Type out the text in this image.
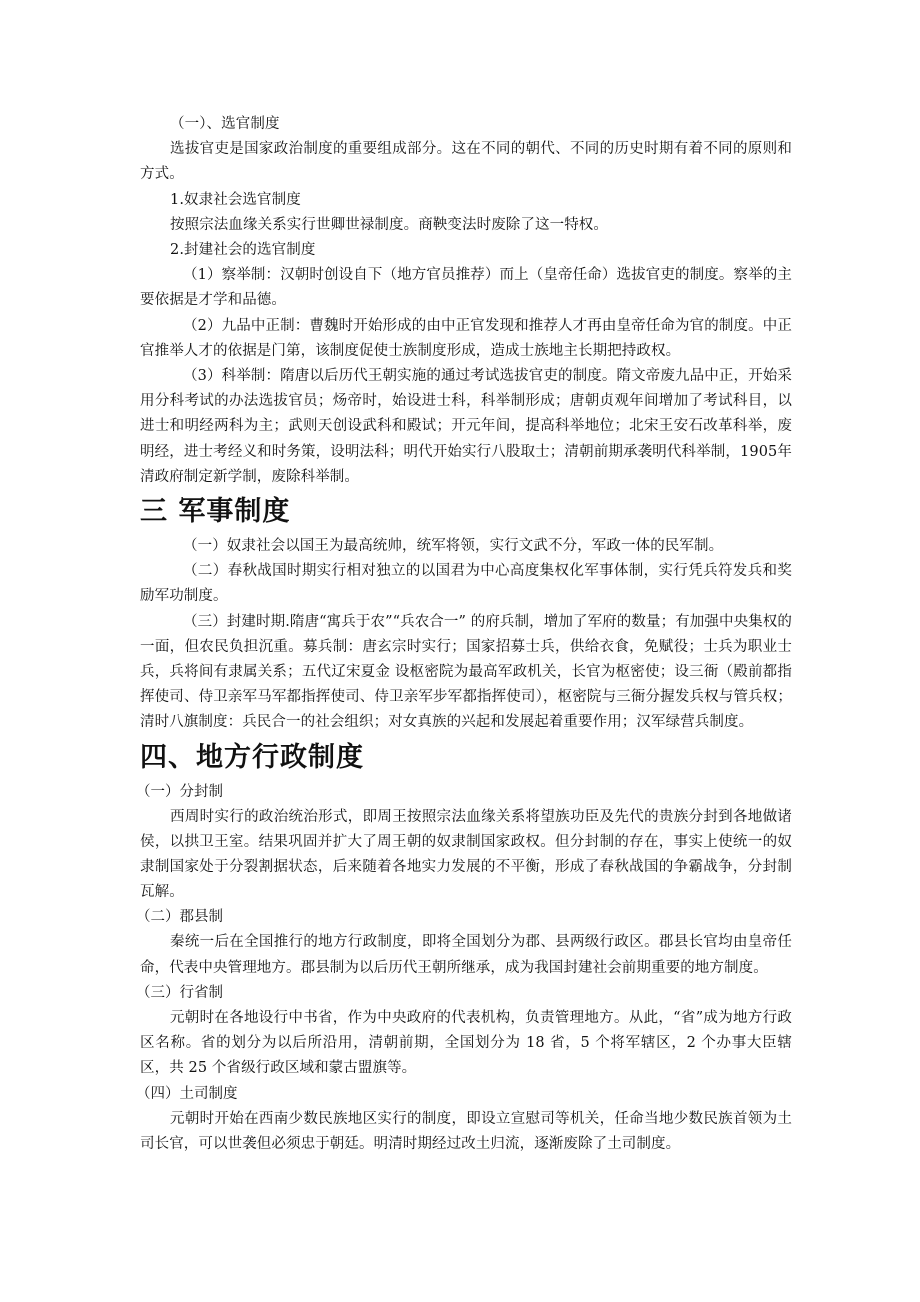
（一）、选官制度

选拔官吏是国家政治制度的重要组成部分。这在不同的朝代、不同的历史时期有着不同的原则和方式。

1.奴隶社会选官制度

按照宗法血缘关系实行世卿世禄制度。商鞅变法时废除了这一特权。

2.封建社会的选官制度

（1）察举制：汉朝时创设自下（地方官员推荐）而上（皇帝任命）选拔官吏的制度。察举的主要依据是才学和品德。

（2）九品中正制：曹魏时开始形成的由中正官发现和推荐人才再由皇帝任命为官的制度。中正官推举人才的依据是门第，该制度促使士族制度形成，造成士族地主长期把持政权。

（3）科举制：隋唐以后历代王朝实施的通过考试选拔官吏的制度。隋文帝废九品中正，开始采用分科考试的办法选拔官员；炀帝时，始设进士科，科举制形成；唐朝贞观年间增加了考试科目，以进士和明经两科为主；武则天创设武科和殿试；开元年间，提高科举地位；北宋王安石改革科举，废明经，进士考经义和时务策，设明法科；明代开始实行八股取士；清朝前期承袭明代科举制，1905年清政府制定新学制，废除科举制。

三 军事制度

（一）奴隶社会以国王为最高统帅，统军将领，实行文武不分，军政一体的民军制。

（二）春秋战国时期实行相对独立的以国君为中心高度集权化军事体制，实行凭兵符发兵和奖励军功制度。

（三）封建时期.隋唐“寓兵于农”“兵农合一” 的府兵制，增加了军府的数量；有加强中央集权的一面，但农民负担沉重。募兵制：唐玄宗时实行；国家招募士兵，供给衣食，免赋役；士兵为职业士兵，兵将间有隶属关系；五代辽宋夏金 设枢密院为最高军政机关，长官为枢密使；设三衙（殿前都指挥使司、侍卫亲军马军都指挥使司、侍卫亲军步军都指挥使司），枢密院与三衙分握发兵权与管兵权；清时八旗制度：兵民合一的社会组织；对女真族的兴起和发展起着重要作用；汉军绿营兵制度。

四、地方行政制度

（一）分封制

西周时实行的政治统治形式，即周王按照宗法血缘关系将望族功臣及先代的贵族分封到各地做诸侯，以拱卫王室。结果巩固并扩大了周王朝的奴隶制国家政权。但分封制的存在，事实上使统一的奴隶制国家处于分裂割据状态，后来随着各地实力发展的不平衡，形成了春秋战国的争霸战争，分封制瓦解。

（二）郡县制

秦统一后在全国推行的地方行政制度，即将全国划分为郡、县两级行政区。郡县长官均由皇帝任命，代表中央管理地方。郡县制为以后历代王朝所继承，成为我国封建社会前期重要的地方制度。

（三）行省制

元朝时在各地设行中书省，作为中央政府的代表机构，负责管理地方。从此，“省”成为地方行政区名称。省的划分为以后所沿用，清朝前期，全国划分为 18 省，5 个将军辖区，2 个办事大臣辖区，共 25 个省级行政区域和蒙古盟旗等。

（四）土司制度

元朝时开始在西南少数民族地区实行的制度，即设立宣慰司等机关，任命当地少数民族首领为土司长官，可以世袭但必须忠于朝廷。明清时期经过改土归流，逐渐废除了土司制度。
